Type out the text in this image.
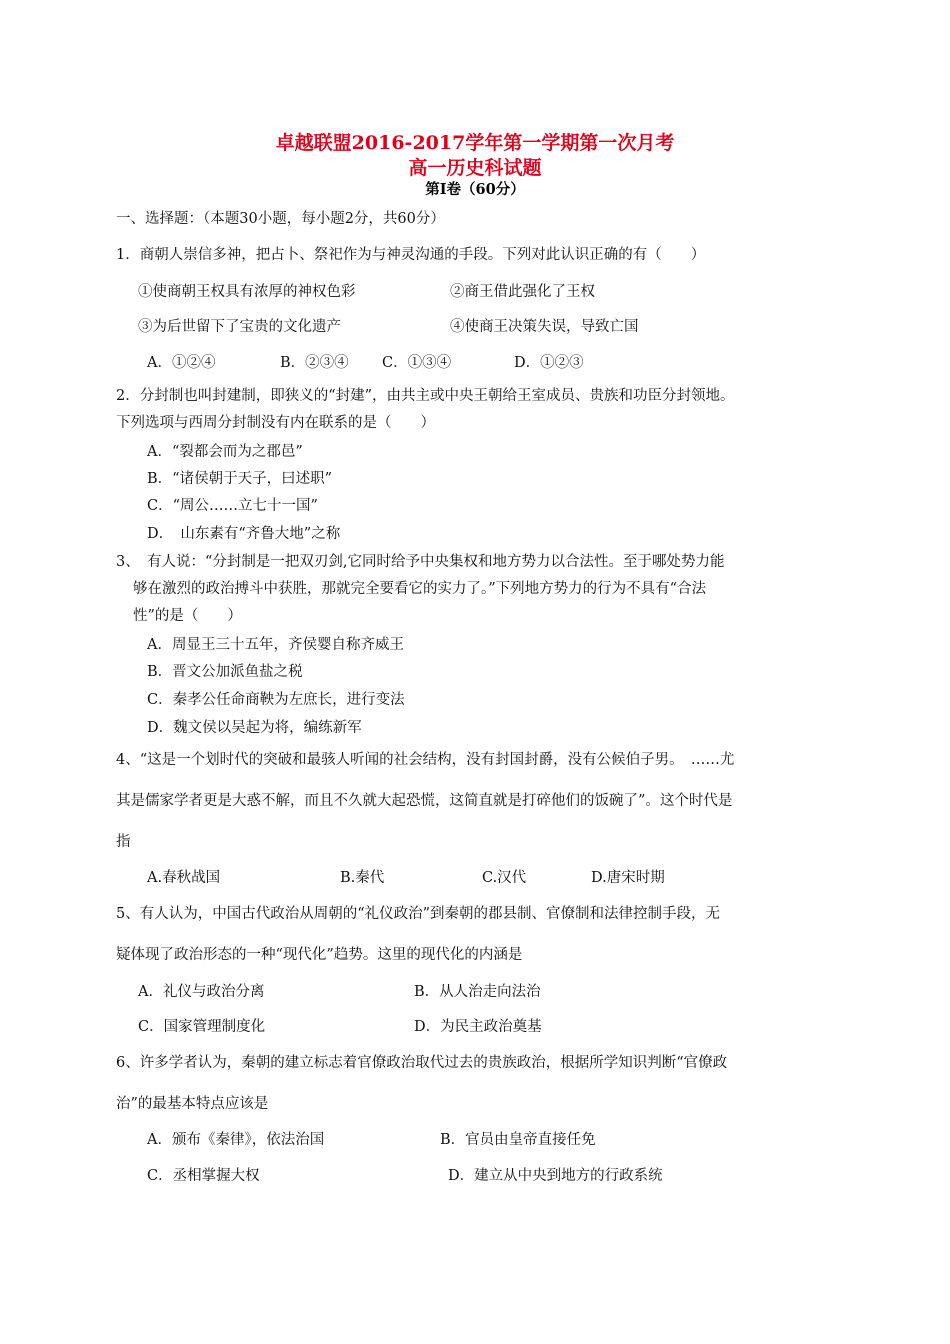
卓越联盟2016-2017学年第一学期第一次月考
高一历史科试题
第Ⅰ卷（60分）
一、选择题：（本题30小题，每小题2分，共60分）
1．商朝人崇信多神，把占卜、祭祀作为与神灵沟通的手段。下列对此认识正确的有（　　）
①使商朝王权具有浓厚的神权色彩	②商王借此强化了王权
③为后世留下了宝贵的文化遗产	④使商王决策失误，导致亡国
A．①②④	B．②③④ C．①③④	D．①②③
2．分封制也叫封建制，即狭义的“封建”，由共主或中央王朝给王室成员、贵族和功臣分封领地。
下列选项与西周分封制没有内在联系的是（　　）
A．“裂都会而为之郡邑”
B．“诸侯朝于天子，曰述职”
C．“周公……立七十一国”
D．　山东素有“齐鲁大地”之称
3、　有人说：“分封制是一把双刃剑,它同时给予中央集权和地方势力以合法性。至于哪处势力能
够在激烈的政治搏斗中获胜，那就完全要看它的实力了。”下列地方势力的行为不具有“合法
性”的是（　　）
A．周显王三十五年，齐侯婴自称齐威王
B．晋文公加派鱼盐之税
C．秦孝公任命商鞅为左庶长，进行变法
D．魏文侯以吴起为将，编练新军
4、“这是一个划时代的突破和最骇人听闻的社会结构，没有封国封爵，没有公候伯子男。　……尤
其是儒家学者更是大惑不解，而且不久就大起恐慌，这简直就是打碎他们的饭碗了”。这个时代是
指
A.春秋战国	B.秦代	C.汉代	D.唐宋时期
5、有人认为，中国古代政治从周朝的“礼仪政治”到秦朝的郡县制、官僚制和法律控制手段，无
疑体现了政治形态的一种“现代化”趋势。这里的现代化的内涵是
A．礼仪与政治分离	B．从人治走向法治
C．国家管理制度化	D．为民主政治奠基
6、许多学者认为，秦朝的建立标志着官僚政治取代过去的贵族政治，根据所学知识判断“官僚政
治”的最基本特点应该是
A．颁布《秦律》，依法治国	B．官员由皇帝直接任免
C．丞相掌握大权	D．建立从中央到地方的行政系统
